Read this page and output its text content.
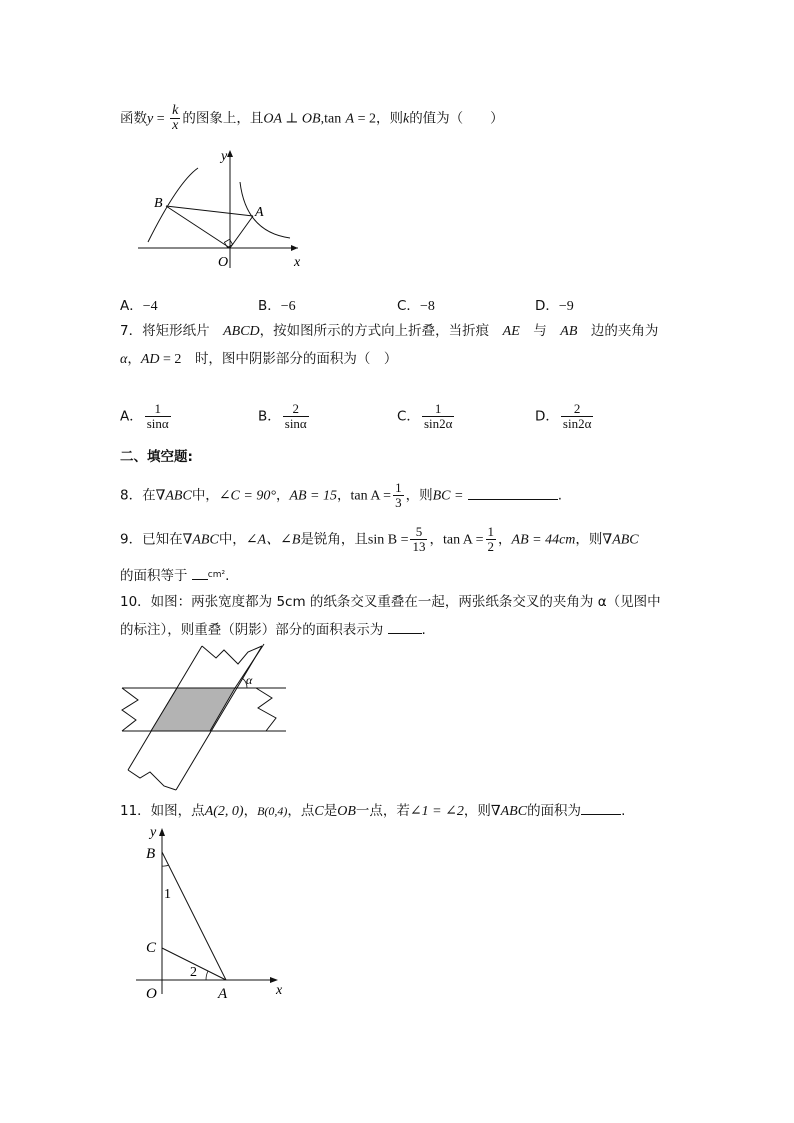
函数$y = \frac{k}{x}$ 的图象上，且OA ⊥ OB,tan A = 2，则k的值为（　　）
y
x
O
A
B
A．−4	B．−6	C．−8	D．−9
7．将矩形纸片　 ABCD，按如图所示的方式向上折叠，当折痕　 AE　 与　 AB　 边的夹角为
α，AD = 2　 时，图中阴影部分的面积为（　）
A． $\frac{1}{\sin\alpha}$	B． $\frac{2}{\sin\alpha}$	C． $\frac{1}{\sin 2\alpha}$	D． $\frac{2}{\sin 2\alpha}$
二、填空题:
8．在∇ABC中，∠C = 90°，AB = 15，$\tan A = \frac{1}{3}$ ，则BC =	.
9．已知在∇ABC中，∠A、∠B是锐角，且$\sin B = \frac{5}{13}$ ，$\tan A = \frac{1}{2}$ ，AB = 44cm，则∇ABC
的面积等于 $^{cm^2}$.
10．如图：两张宽度都为 5cm 的纸条交叉重叠在一起，两张纸条交叉的夹角为 α（见图中
的标注），则重叠（阴影）部分的面积表示为	.
α
11．如图，点A(2, 0)，B(0,4)，点C是OB一点，若∠1 = ∠2，则∇ABC的面积为	.
y
x
B
C
O	A
1
2
